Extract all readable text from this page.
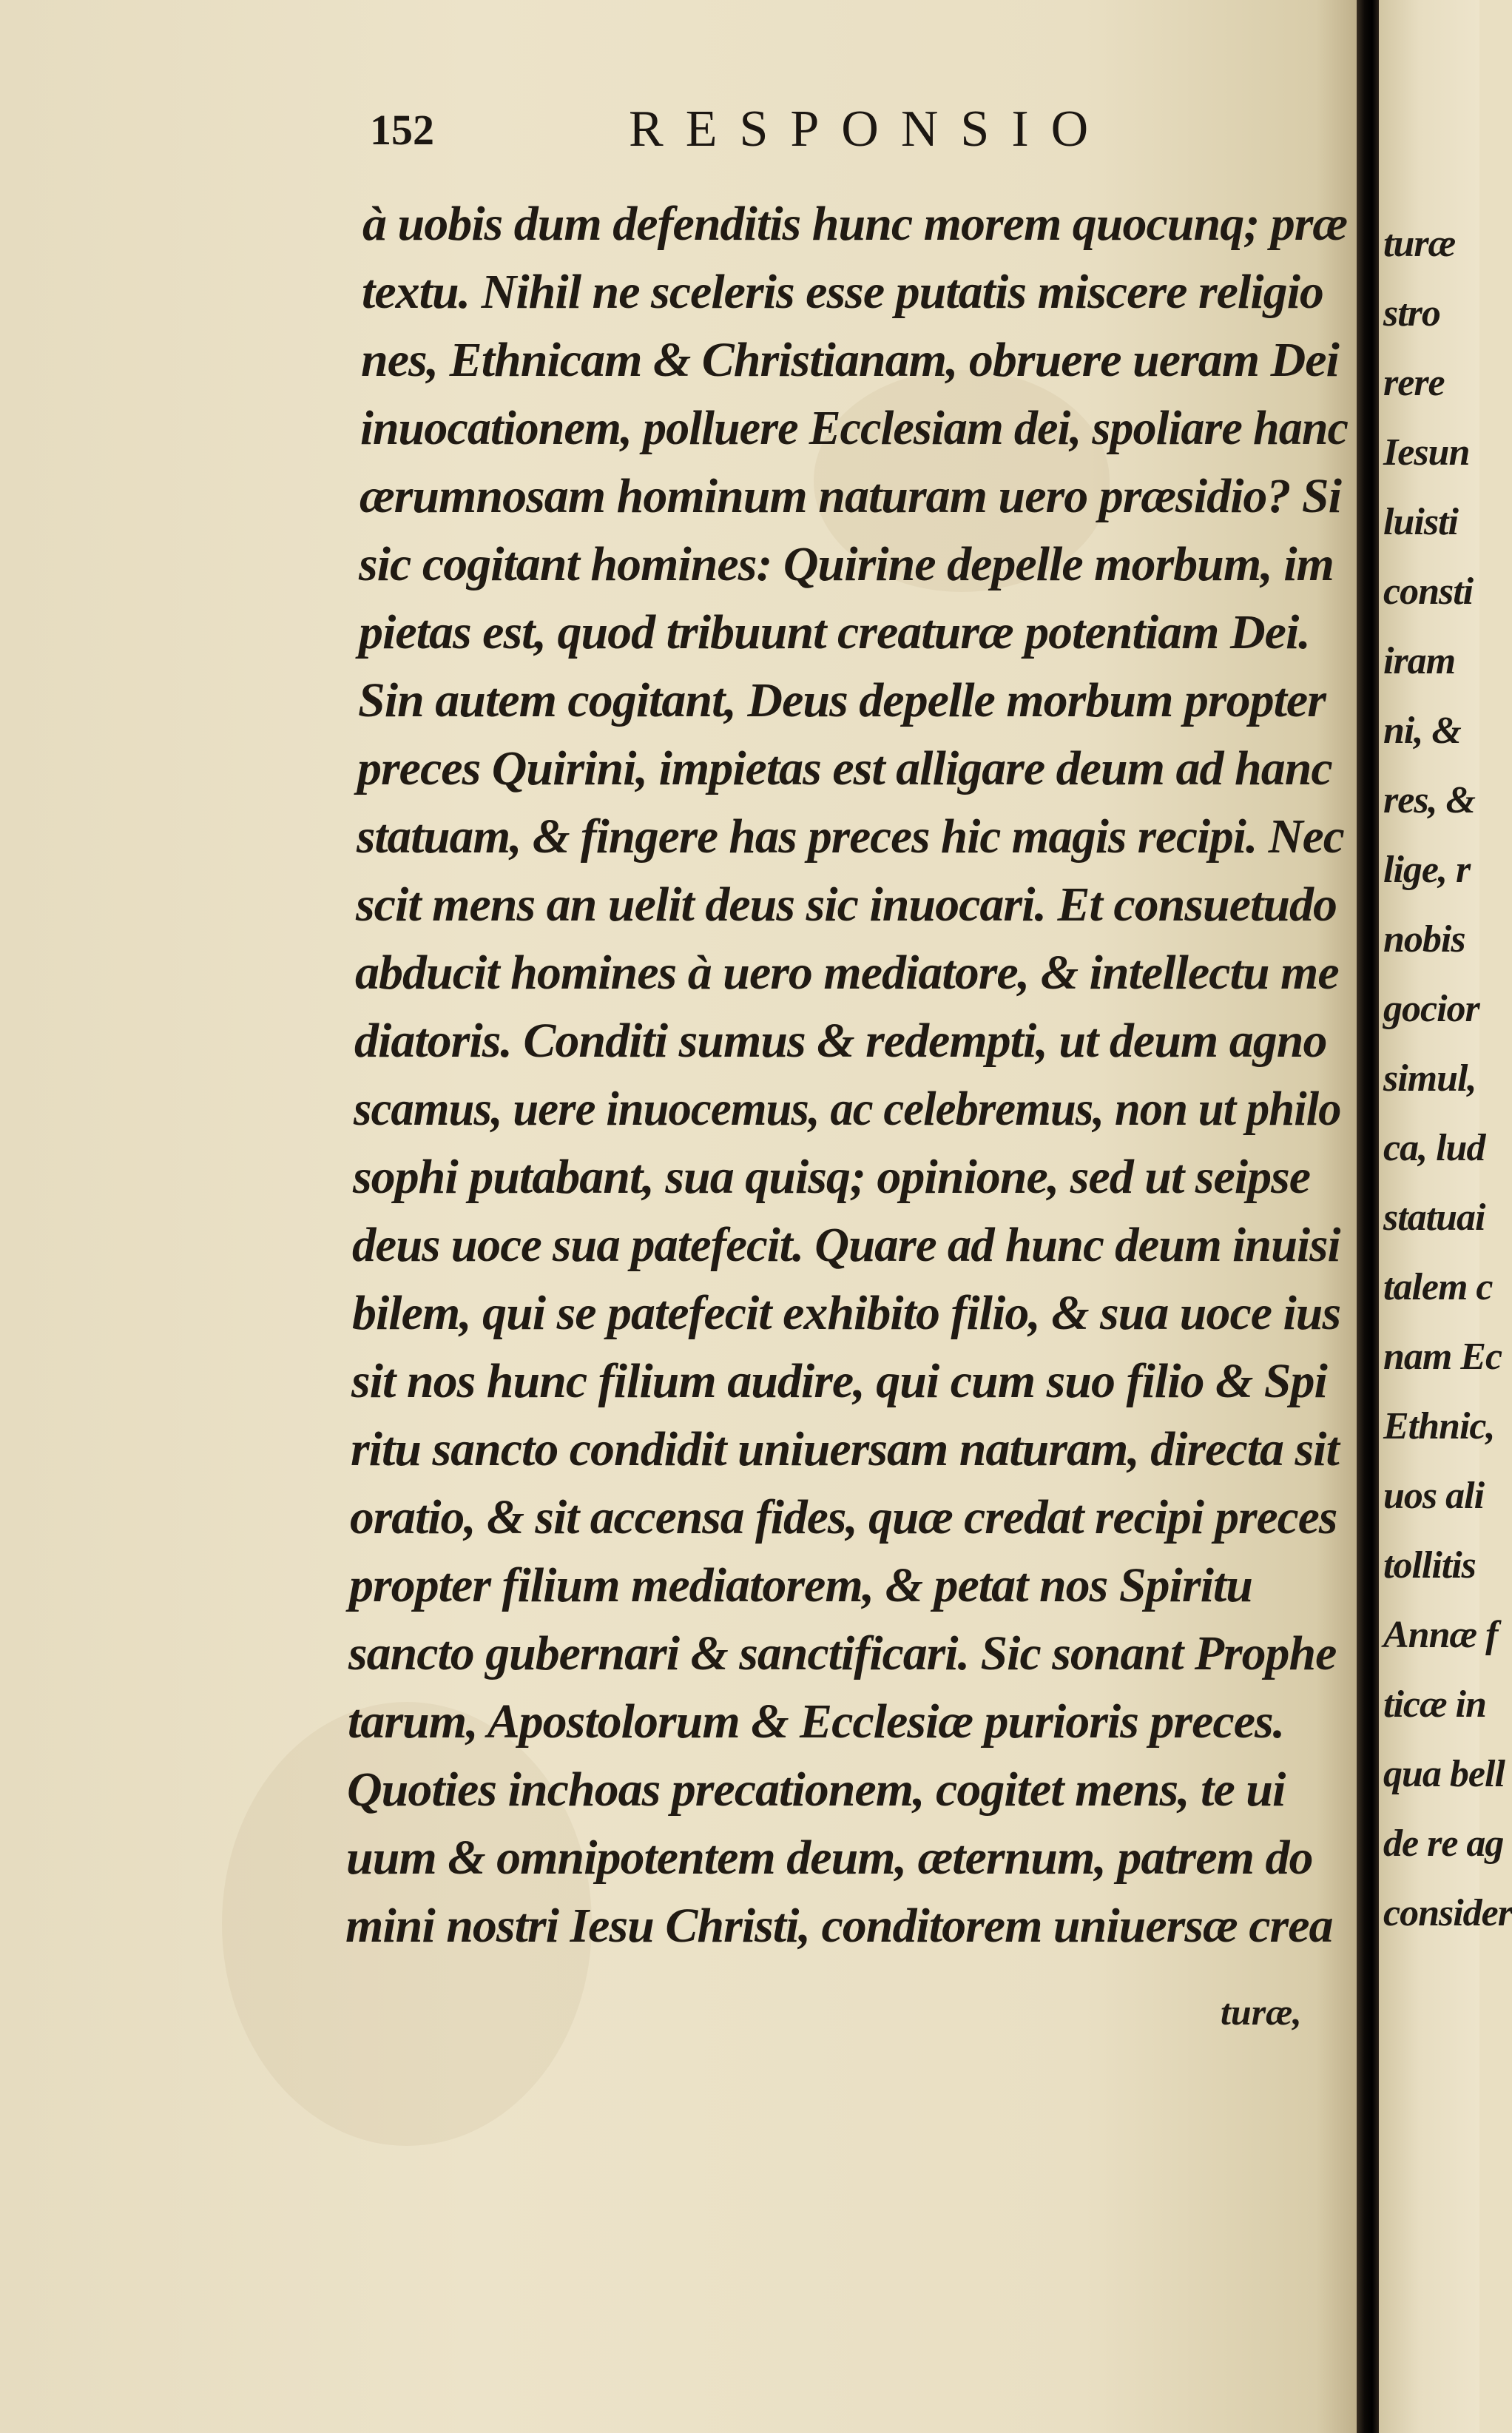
152	RESPONSIO
à uobis dum defenditis hunc morem quocunq; præ
textu. Nihil ne sceleris esse putatis miscere religio
nes, Ethnicam & Christianam, obruere ueram Dei
inuocationem, polluere Ecclesiam dei, spoliare hanc
ærumnosam hominum naturam uero præsidio? Si
sic cogitant homines: Quirine depelle morbum, im
pietas est, quod tribuunt creaturæ potentiam Dei.
Sin autem cogitant, Deus depelle morbum propter
preces Quirini, impietas est alligare deum ad hanc
statuam, & fingere has preces hic magis recipi. Nec
scit mens an uelit deus sic inuocari. Et consuetudo
abducit homines à uero mediatore, & intellectu me
diatoris. Conditi sumus & redempti, ut deum agno
scamus, uere inuocemus, ac celebremus, non ut philo
sophi putabant, sua quisq; opinione, sed ut seipse
deus uoce sua patefecit. Quare ad hunc deum inuisi
bilem, qui se patefecit exhibito filio, & sua uoce ius
sit nos hunc filium audire, qui cum suo filio & Spi
ritu sancto condidit uniuersam naturam, directa sit
oratio, & sit accensa fides, quæ credat recipi preces
propter filium mediatorem, & petat nos Spiritu
sancto gubernari & sanctificari. Sic sonant Prophe
tarum, Apostolorum & Ecclesiæ purioris preces.
Quoties inchoas precationem, cogitet mens, te ui
uum & omnipotentem deum, æternum, patrem do
mini nostri Iesu Christi, conditorem uniuersæ crea
turæ,
turæ
stro
rere
Iesun
luisti
consti
iram
ni, &
res, &
lige, r
nobis
gocior
simul,
ca, lud
statuai
talem c
nam Ec
Ethnic,
uos ali
tollitis
Annæ f
ticæ in
qua bell
de re ag
consider
